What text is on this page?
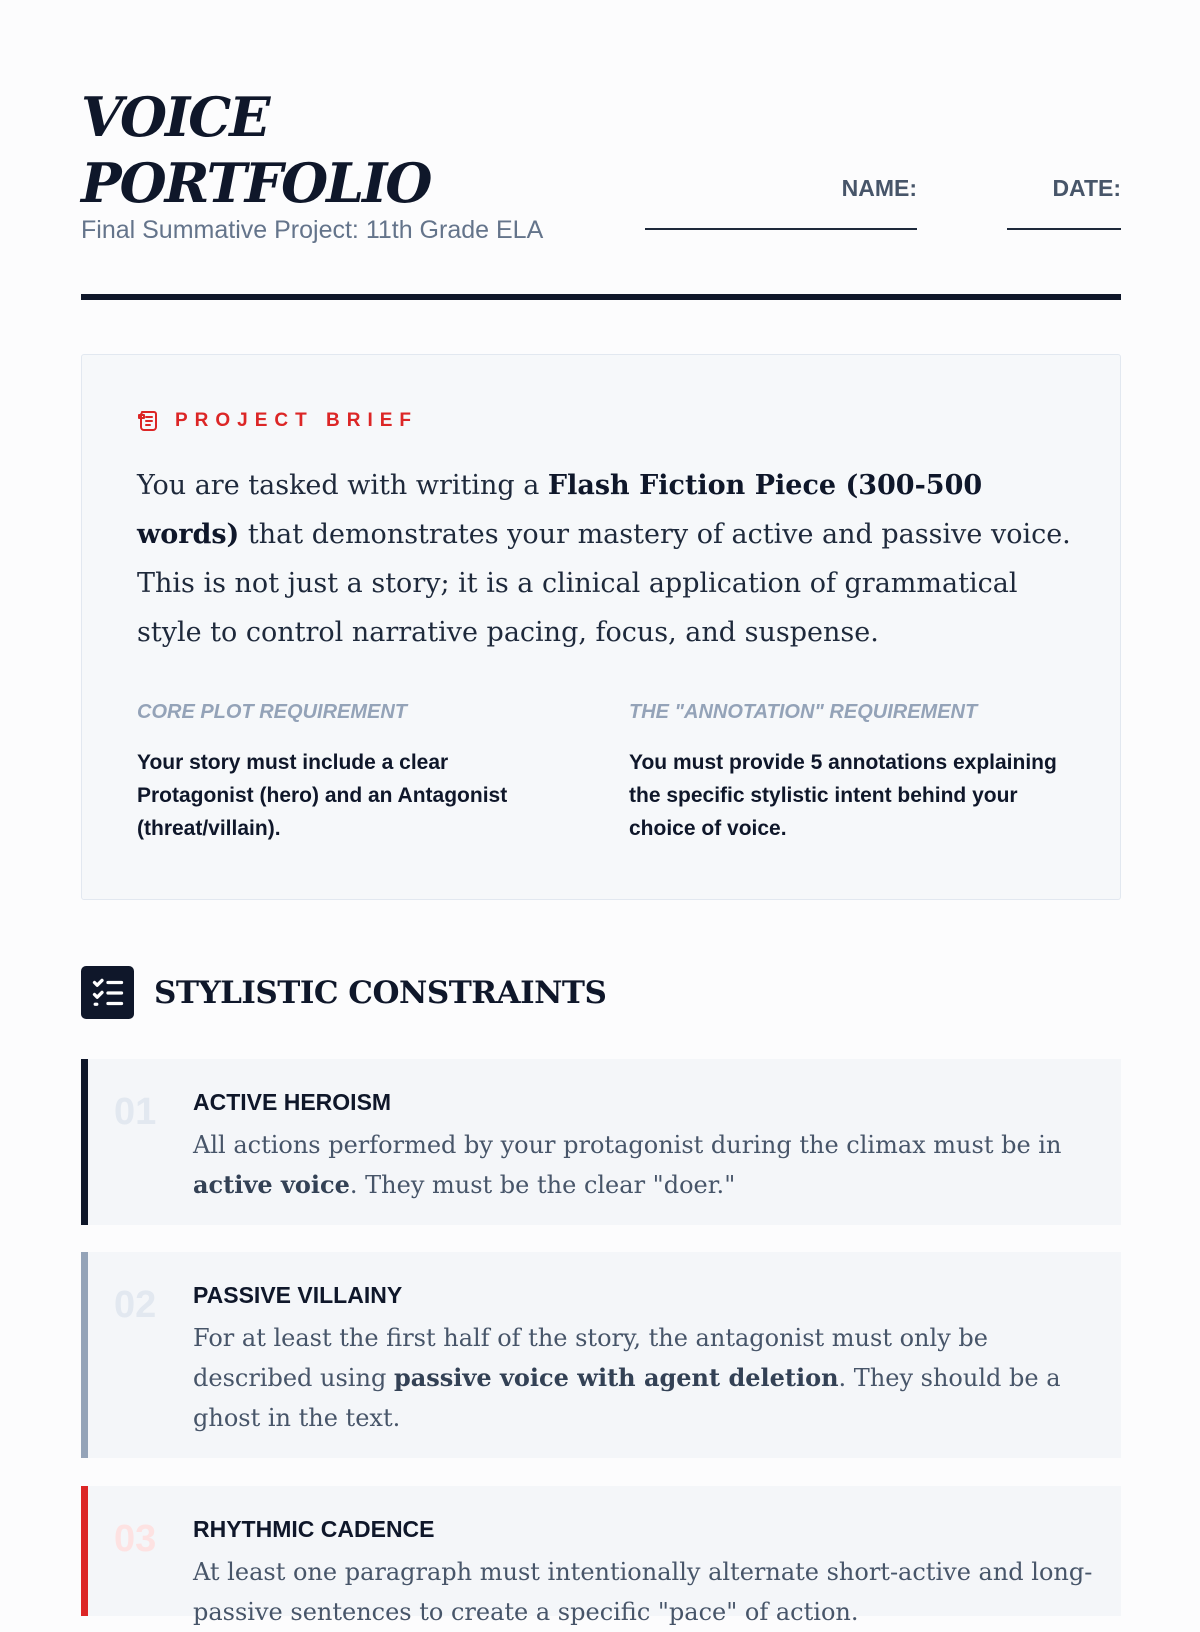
VOICE
PORTFOLIO
Final Summative Project: 11th Grade ELA
NAME:	DATE:
PROJECT BRIEF

You are tasked with writing a Flash Fiction Piece (300-500 words) that demonstrates your mastery of active and passive voice. This is not just a story; it is a clinical application of grammatical style to control narrative pacing, focus, and suspense.

CORE PLOT REQUIREMENT

Your story must include a clear Protagonist (hero) and an Antagonist (threat/villain).

THE "ANNOTATION" REQUIREMENT

You must provide 5 annotations explaining the specific stylistic intent behind your choice of voice.

STYLISTIC CONSTRAINTS
01 ACTIVE HEROISM

All actions performed by your protagonist during the climax must be in active voice. They must be the clear "doer."

02 PASSIVE VILLAINY

For at least the first half of the story, the antagonist must only be described using passive voice with agent deletion. They should be a ghost in the text.

03 RHYTHMIC CADENCE

At least one paragraph must intentionally alternate short-active and long-passive sentences to create a specific "pace" of action.
